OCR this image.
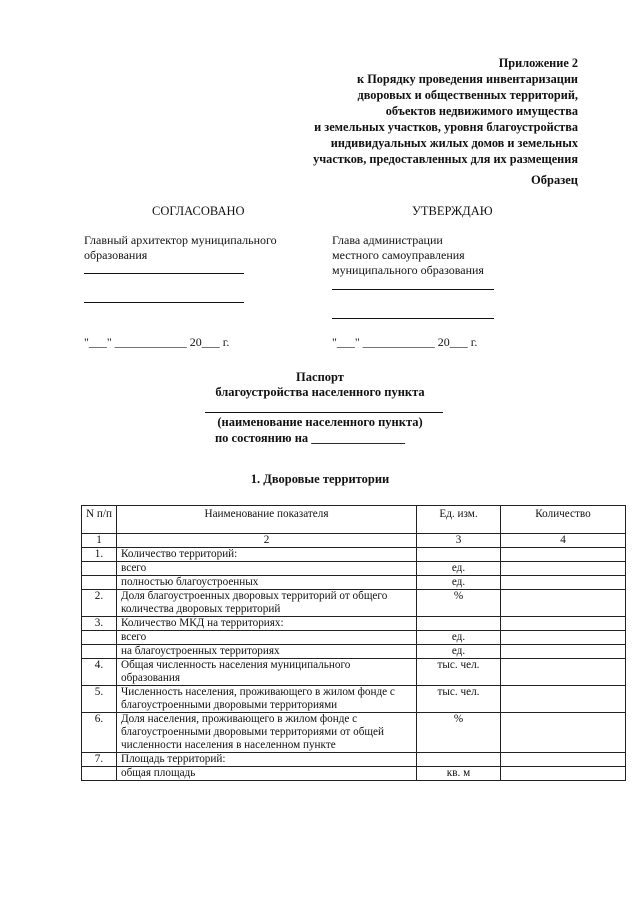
Приложение 2
к Порядку проведения инвентаризации
дворовых и общественных территорий,
объектов недвижимого имущества
и земельных участков, уровня благоустройства
индивидуальных жилых домов и земельных
участков, предоставленных для их размещения
Образец
СОГЛАСОВАНО	УТВЕРЖДАЮ
Главный архитектор муниципального образования
"___" ____________ 20___ г.
Глава администрации
местного самоуправления
муниципального образования
"___" ____________ 20___ г.
Паспорт
благоустройства населенного пункта
(наименование населенного пункта)
по состоянию на _______________
1. Дворовые территории
N п/п	Наименование показателя	Ед. изм.	Количество
1	2	3	4
1.	Количество территорий:		
	всего	ед.	
	полностью благоустроенных	ед.	
2.	Доля благоустроенных дворовых территорий от общего количества дворовых территорий	%	
3.	Количество МКД на территориях:		
	всего	ед.	
	на благоустроенных территориях	ед.	
4.	Общая численность населения муниципального образования	тыс. чел.	
5.	Численность населения, проживающего в жилом фонде с благоустроенными дворовыми территориями	тыс. чел.	
6.	Доля населения, проживающего в жилом фонде с благоустроенными дворовыми территориями от общей численности населения в населенном пункте	%	
7.	Площадь территорий:		
	общая площадь	кв. м	
